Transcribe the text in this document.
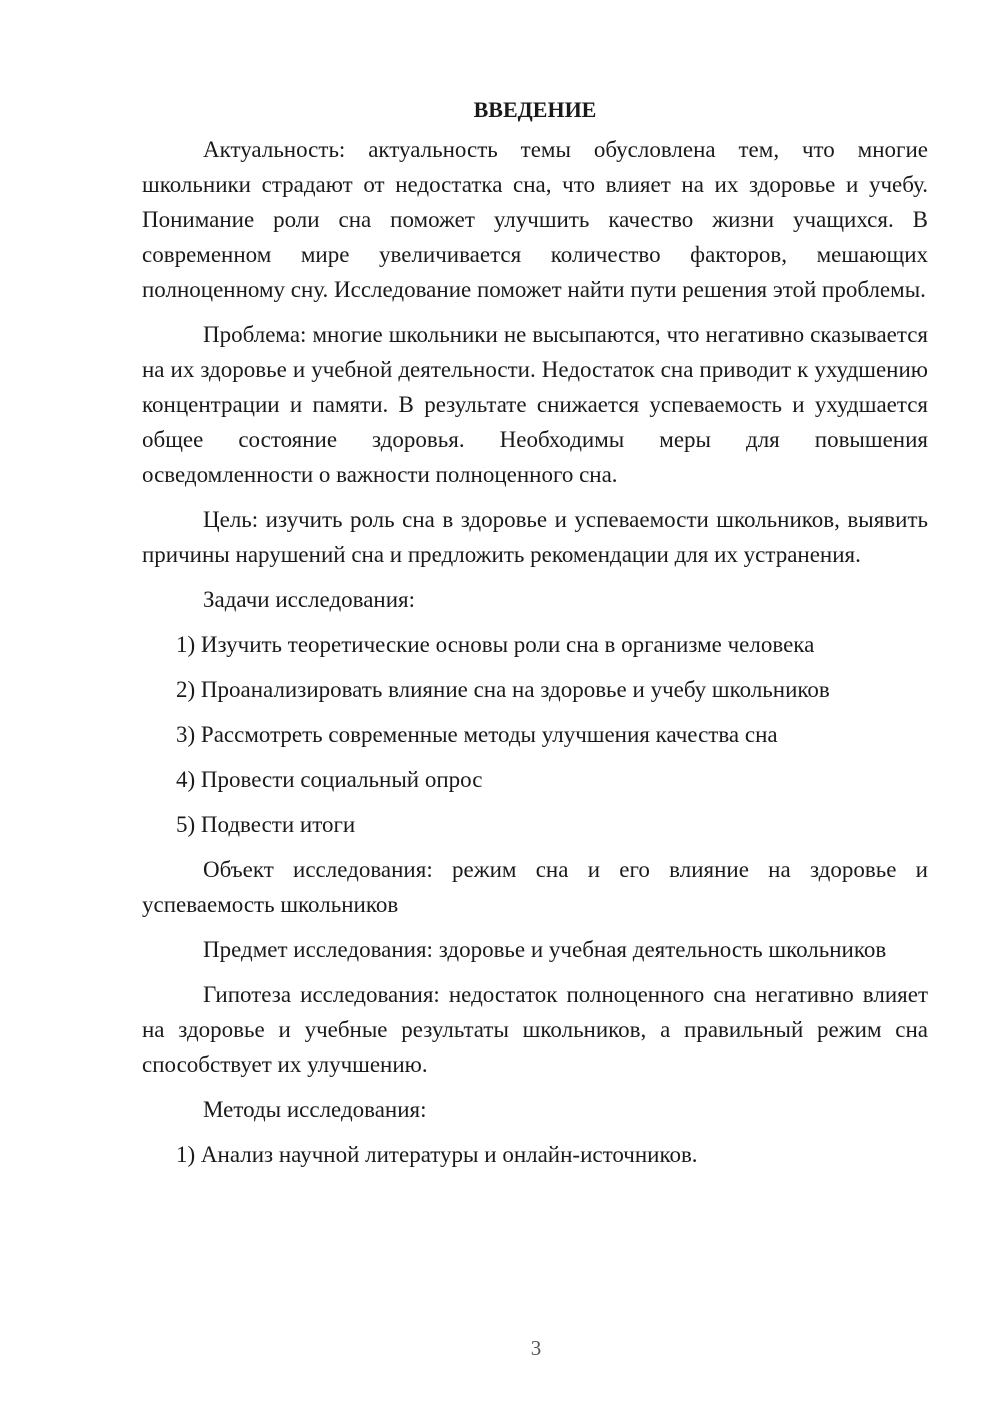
ВВЕДЕНИЕ

Актуальность: актуальность темы обусловлена тем, что многие школьники страдают от недостатка сна, что влияет на их здоровье и учебу. Понимание роли сна поможет улучшить качество жизни учащихся. В современном мире увеличивается количество факторов, мешающих полноценному сну. Исследование поможет найти пути решения этой проблемы.

Проблема: многие школьники не высыпаются, что негативно сказывается на их здоровье и учебной деятельности. Недостаток сна приводит к ухудшению концентрации и памяти. В результате снижается успеваемость и ухудшается общее состояние здоровья. Необходимы меры для повышения осведомленности о важности полноценного сна.

Цель: изучить роль сна в здоровье и успеваемости школьников, выявить причины нарушений сна и предложить рекомендации для их устранения.

Задачи исследования:

1) Изучить теоретические основы роли сна в организме человека
2) Проанализировать влияние сна на здоровье и учебу школьников
3) Рассмотреть современные методы улучшения качества сна
4) Провести социальный опрос
5) Подвести итоги

Объект исследования: режим сна и его влияние на здоровье и успеваемость школьников

Предмет исследования: здоровье и учебная деятельность школьников

Гипотеза исследования: недостаток полноценного сна негативно влияет на здоровье и учебные результаты школьников, а правильный режим сна способствует их улучшению.

Методы исследования:

1) Анализ научной литературы и онлайн-источников.
3
